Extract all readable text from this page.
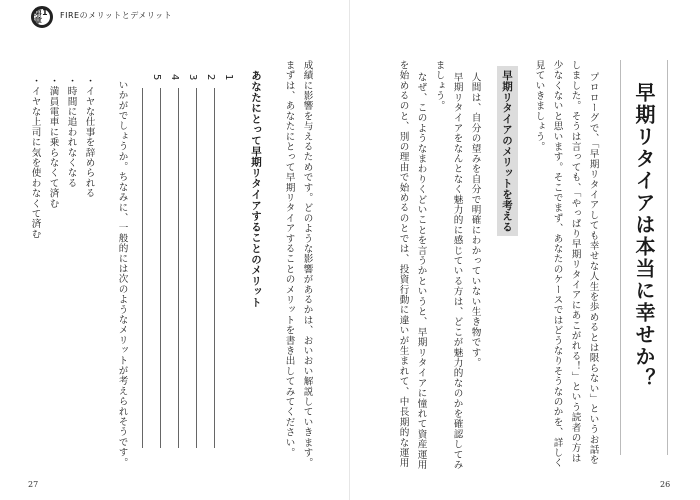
第1章
FIREのメリットとデメリット
早期リタイアは本当に幸せか？
プロローグで、「早期リタイアしても幸せな人生を歩めるとは限らない」というお話を
しました。そうは言っても、「やっぱり早期リタイアにあこがれる！」という読者の方は
少なくないと思います。そこでまず、あなたのケースではどうなりそうなのかを、詳しく
見ていきましょう。
早期リタイアのメリットを考える
人間は、自分の望みを自分で明確にわかっていない生き物です。
早期リタイアをなんとなく魅力的に感じている方は、どこが魅力的なのかを確認してみ
ましょう。
なぜ、このようなまわりくどいことを言うかというと、早期リタイアに憧れて資産運用
を始めるのと、別の理由で始めるのとでは、投資行動に違いが生まれて、中長期的な運用
26
成績に影響を与えるためです。どのような影響があるかは、おいおい解説していきます。
まずは、あなたにとって早期リタイアすることのメリットを書き出してみてください。
あなたにとって早期リタイアすることのメリット
1
2
3
4
5
いかがでしょうか。ちなみに、一般的には次のようなメリットが考えられそうです。
・イヤな仕事を辞められる
・時間に追われなくなる
・満員電車に乗らなくて済む
・イヤな上司に気を使わなくて済む
27
